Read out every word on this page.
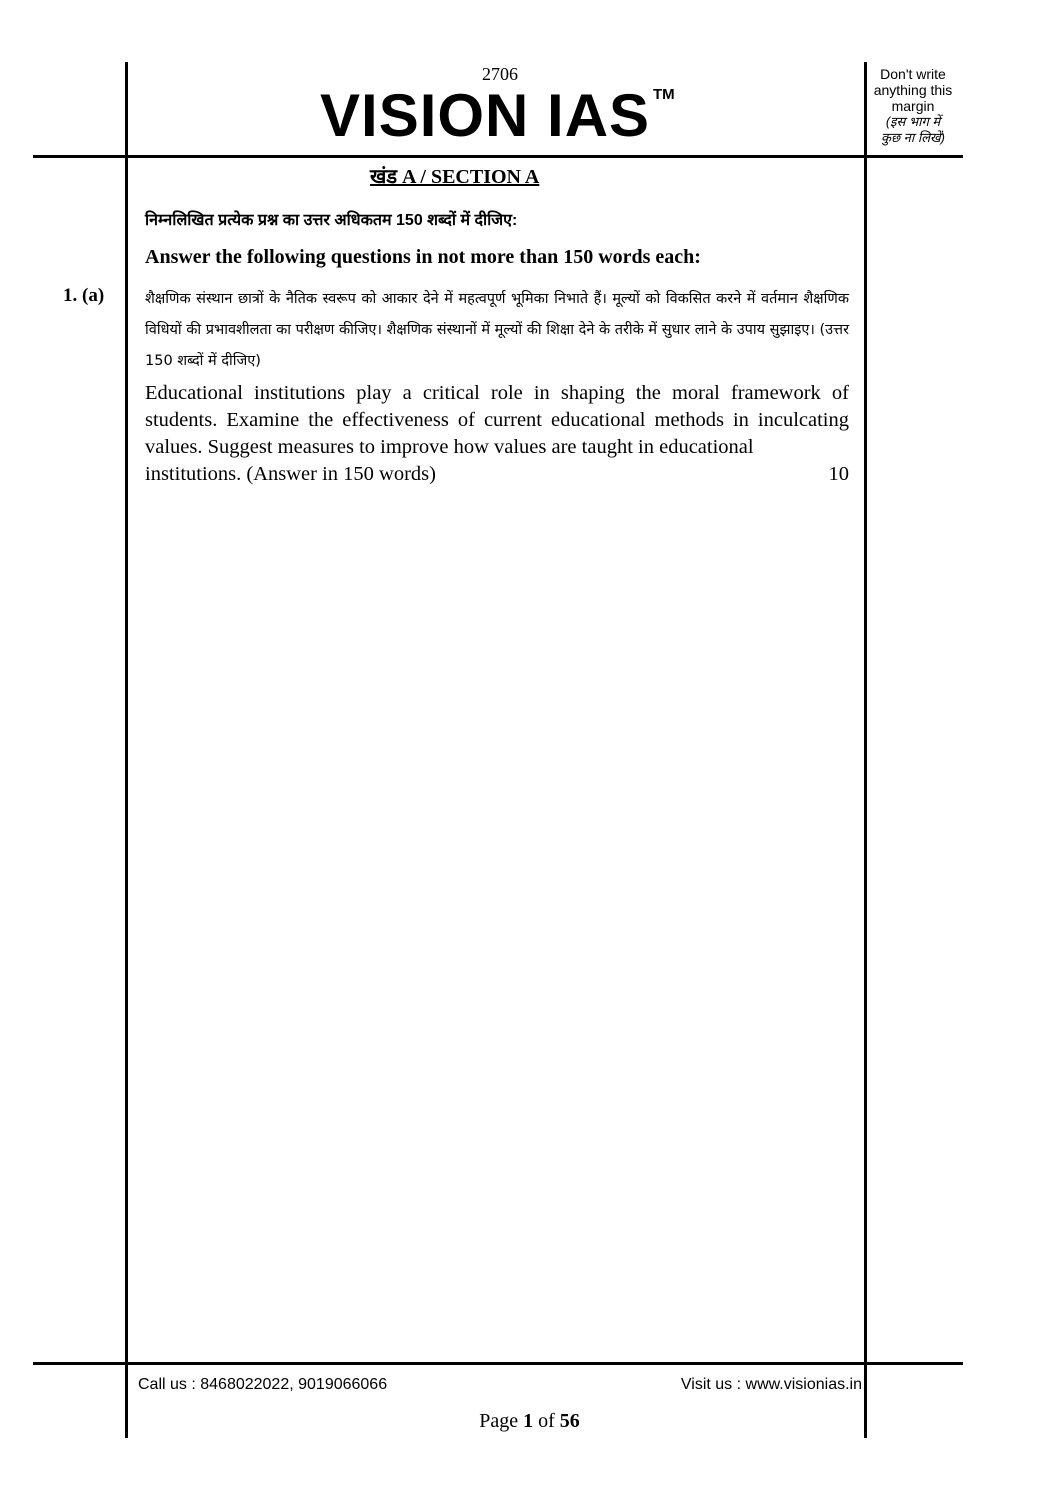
2706
VISION IAS TM
Don't write
anything this
margin
(इस भाग में
कुछ ना लिखें)
खंड A / SECTION A
निम्नलिखित प्रत्येक प्रश्न का उत्तर अधिकतम 150 शब्दों में दीजिए:
Answer the following questions in not more than 150 words each:
1. (a)	शैक्षणिक संस्थान छात्रों के नैतिक स्वरूप को आकार देने में महत्वपूर्ण भूमिका निभाते हैं। मूल्यों को विकसित करने में वर्तमान शैक्षणिक विधियों की प्रभावशीलता का परीक्षण कीजिए। शैक्षणिक संस्थानों में मूल्यों की शिक्षा देने के तरीके में सुधार लाने के उपाय सुझाइए। (उत्तर 150 शब्दों में दीजिए)
Educational institutions play a critical role in shaping the moral framework of students. Examine the effectiveness of current educational methods in inculcating values. Suggest measures to improve how values are taught in educational
institutions. (Answer in 150 words)	10
Call us : 8468022022, 9019066066	Visit us : www.visionias.in
Page 1 of 56
